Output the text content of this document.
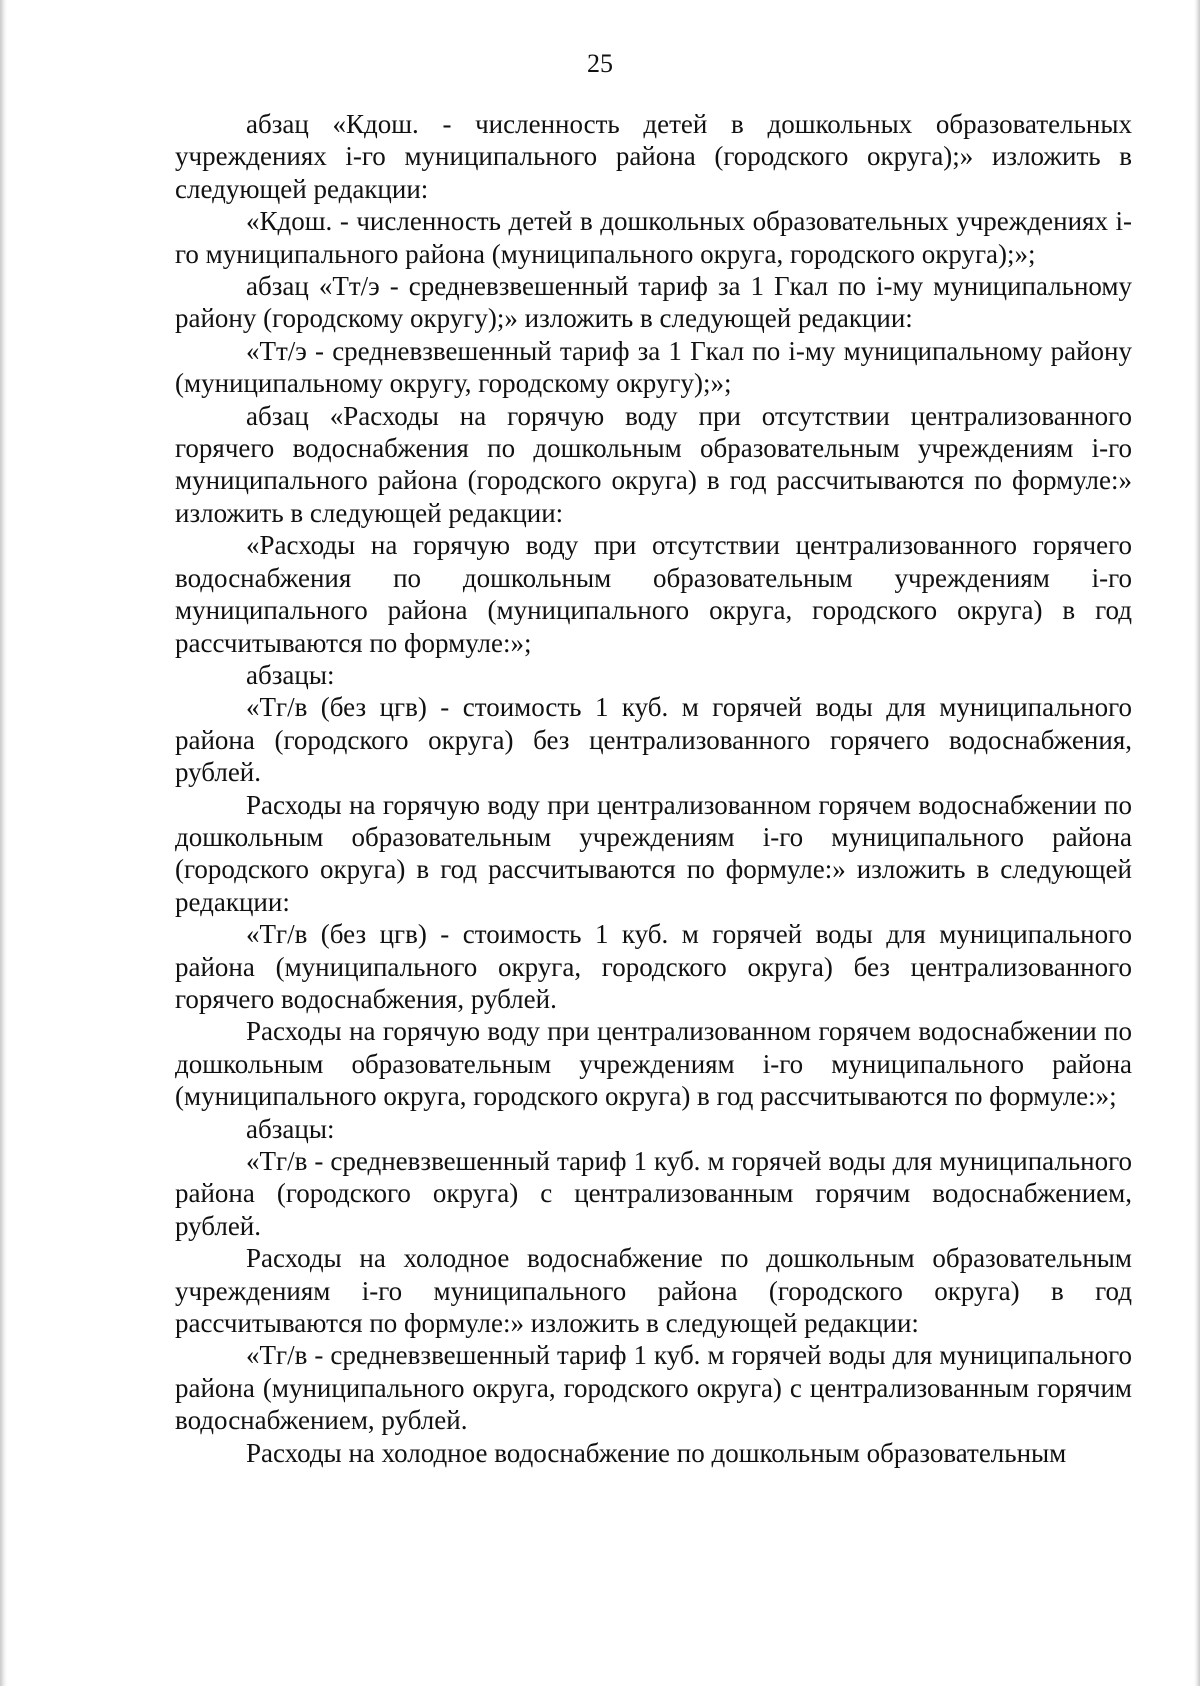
25

абзац «Кдош. - численность детей в дошкольных образовательных учреждениях i-го муниципального района (городского округа);» изложить в следующей редакции:

«Кдош. - численность детей в дошкольных образовательных учреждениях i-го муниципального района (муниципального округа, городского округа);»;

абзац «Тт/э - средневзвешенный тариф за 1 Гкал по i-му муниципальному району (городскому округу);» изложить в следующей редакции:

«Тт/э - средневзвешенный тариф за 1 Гкал по i-му муниципальному району (муниципальному округу, городскому округу);»;

абзац «Расходы на горячую воду при отсутствии централизованного горячего водоснабжения по дошкольным образовательным учреждениям i-го муниципального района (городского округа) в год рассчитываются по формуле:» изложить в следующей редакции:

«Расходы на горячую воду при отсутствии централизованного горячего водоснабжения по дошкольным образовательным учреждениям i-го муниципального района (муниципального округа, городского округа) в год рассчитываются по формуле:»;

абзацы:

«Тг/в (без цгв) - стоимость 1 куб. м горячей воды для муниципального района (городского округа) без централизованного горячего водоснабжения, рублей.

Расходы на горячую воду при централизованном горячем водоснабжении по дошкольным образовательным учреждениям i-го муниципального района (городского округа) в год рассчитываются по формуле:» изложить в следующей редакции:

«Тг/в (без цгв) - стоимость 1 куб. м горячей воды для муниципального района (муниципального округа, городского округа) без централизованного горячего водоснабжения, рублей.

Расходы на горячую воду при централизованном горячем водоснабжении по дошкольным образовательным учреждениям i-го муниципального района (муниципального округа, городского округа) в год рассчитываются по формуле:»;

абзацы:

«Тг/в - средневзвешенный тариф 1 куб. м горячей воды для муниципального района (городского округа) с централизованным горячим водоснабжением, рублей.

Расходы на холодное водоснабжение по дошкольным образовательным учреждениям i-го муниципального района (городского округа) в год рассчитываются по формуле:» изложить в следующей редакции:

«Тг/в - средневзвешенный тариф 1 куб. м горячей воды для муниципального района (муниципального округа, городского округа) с централизованным горячим водоснабжением, рублей.

Расходы на холодное водоснабжение по дошкольным образовательным
